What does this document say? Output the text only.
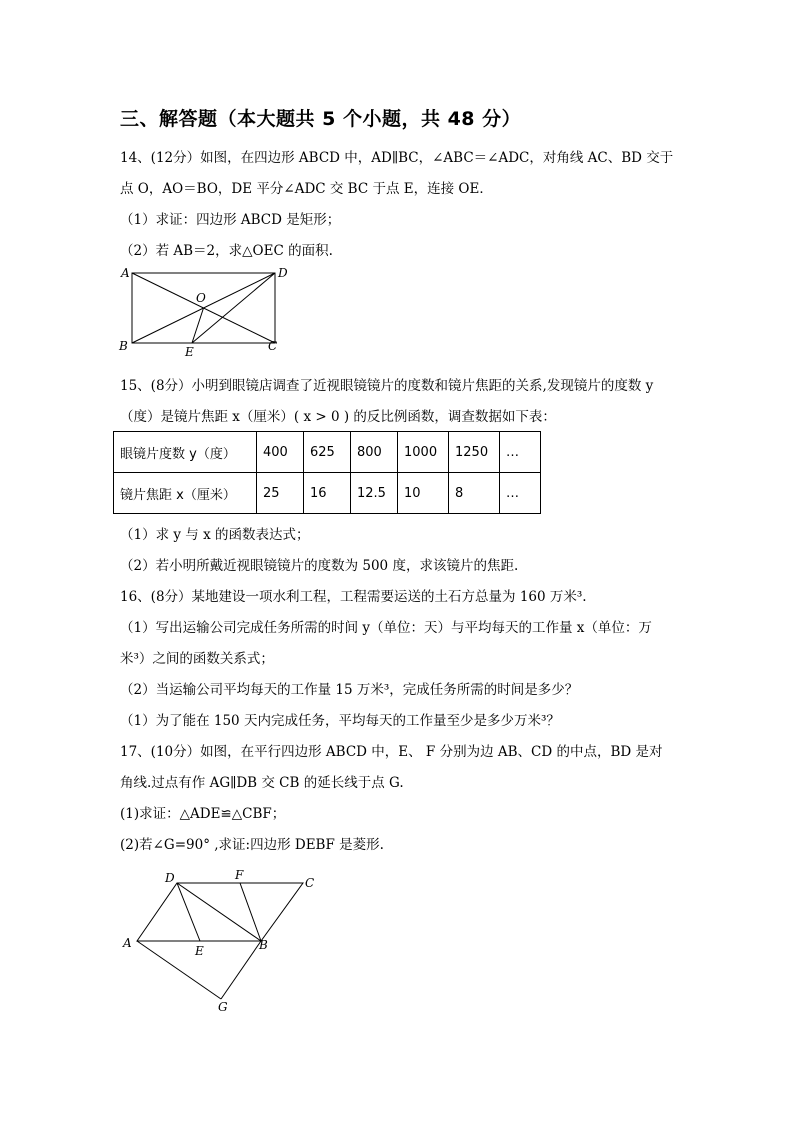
三、解答题（本大题共 5 个小题，共 48 分）
14、(12分）如图，在四边形 ABCD 中，AD∥BC，∠ABC＝∠ADC，对角线 AC、BD 交于
点 O，AO＝BO，DE 平分∠ADC 交 BC 于点 E，连接 OE．
（1）求证：四边形 ABCD 是矩形；
（2）若 AB＝2，求△OEC 的面积.
A	D
O
B	E	C
15、(8分）小明到眼镜店调查了近视眼镜镜片的度数和镜片焦距的关系,发现镜片的度数 y
（度）是镜片焦距 x（厘米）( x > 0 ) 的反比例函数，调查数据如下表：
眼镜片度数 y（度）	400	625	800	1000	1250	…
镜片焦距 x（厘米）	25	16	12.5	10	8	…
（1）求 y 与 x 的函数表达式；
（2）若小明所戴近视眼镜镜片的度数为 500 度，求该镜片的焦距.
16、(8分）某地建设一项水利工程，工程需要运送的土石方总量为 160 万米³.
（1）写出运输公司完成任务所需的时间 y（单位：天）与平均每天的工作量 x（单位：万
米³）之间的函数关系式；
（2）当运输公司平均每天的工作量 15 万米³，完成任务所需的时间是多少？
（1）为了能在 150 天内完成任务，平均每天的工作量至少是多少万米³？
17、(10分）如图，在平行四边形 ABCD 中，E、 F 分别为边 AB、CD 的中点，BD 是对
角线.过点有作 AG∥DB 交 CB 的延长线于点 G.
(1)求证：△ADE≌△CBF；
(2)若∠G=90° ,求证:四边形 DEBF 是菱形.
D	F
C
A
E	B
G
